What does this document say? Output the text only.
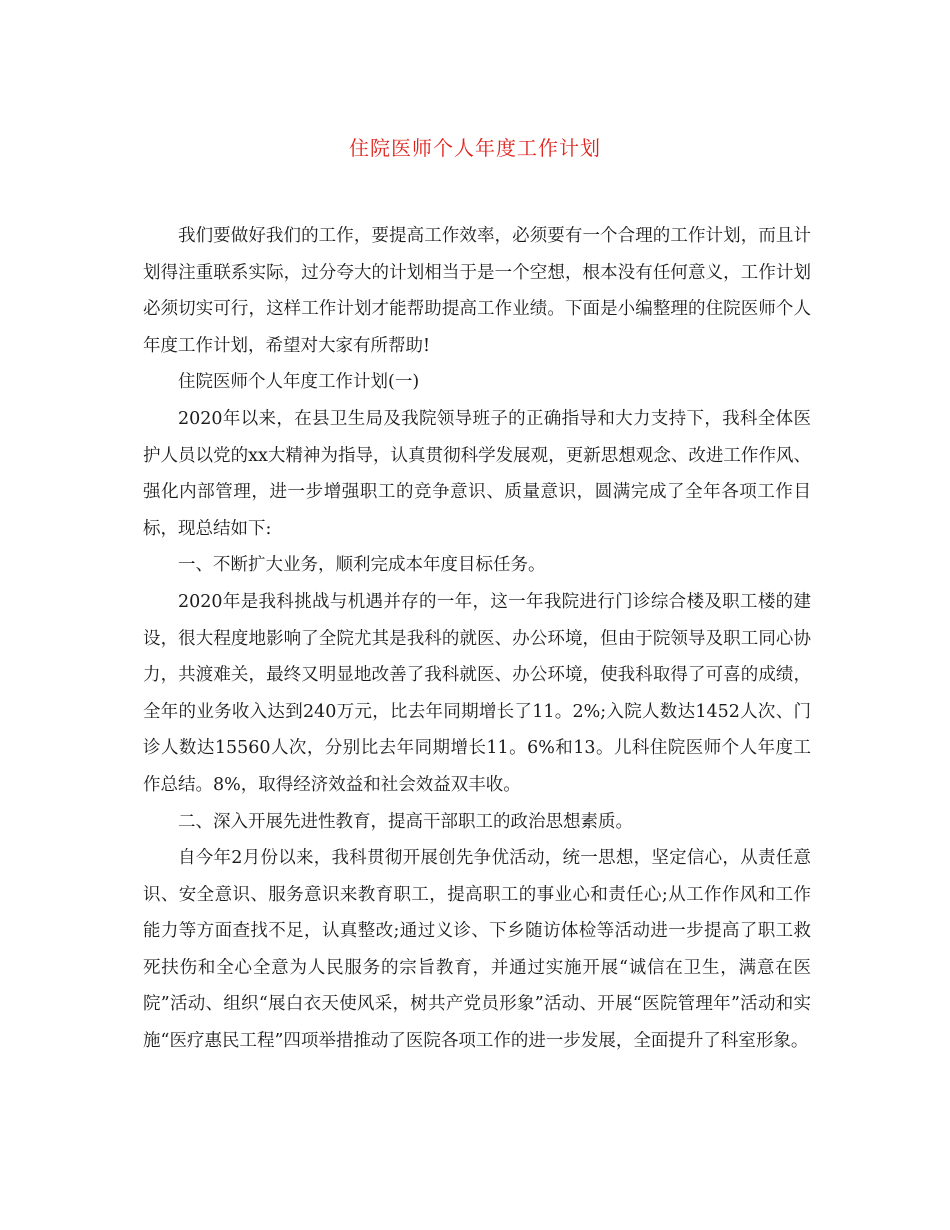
住院医师个人年度工作计划

我们要做好我们的工作，要提高工作效率，必须要有一个合理的工作计划，而且计划得注重联系实际，过分夸大的计划相当于是一个空想，根本没有任何意义，工作计划必须切实可行，这样工作计划才能帮助提高工作业绩。下面是小编整理的住院医师个人年度工作计划，希望对大家有所帮助!

住院医师个人年度工作计划(一)

2020年以来，在县卫生局及我院领导班子的正确指导和大力支持下，我科全体医护人员以党的xx大精神为指导，认真贯彻科学发展观，更新思想观念、改进工作作风、强化内部管理，进一步增强职工的竞争意识、质量意识，圆满完成了全年各项工作目标，现总结如下:

一、不断扩大业务，顺利完成本年度目标任务。

2020年是我科挑战与机遇并存的一年，这一年我院进行门诊综合楼及职工楼的建设，很大程度地影响了全院尤其是我科的就医、办公环境，但由于院领导及职工同心协力，共渡难关，最终又明显地改善了我科就医、办公环境，使我科取得了可喜的成绩，全年的业务收入达到240万元，比去年同期增长了11。2%;入院人数达1452人次、门诊人数达15560人次，分别比去年同期增长11。6%和13。儿科住院医师个人年度工作总结。8%，取得经济效益和社会效益双丰收。

二、深入开展先进性教育，提高干部职工的政治思想素质。

自今年2月份以来，我科贯彻开展创先争优活动，统一思想，坚定信心，从责任意识、安全意识、服务意识来教育职工，提高职工的事业心和责任心;从工作作风和工作能力等方面查找不足，认真整改;通过义诊、下乡随访体检等活动进一步提高了职工救死扶伤和全心全意为人民服务的宗旨教育，并通过实施开展“诚信在卫生，满意在医院”活动、组织“展白衣天使风采，树共产党员形象”活动、开展“医院管理年”活动和实施“医疗惠民工程”四项举措推动了医院各项工作的进一步发展，全面提升了科室形象。
